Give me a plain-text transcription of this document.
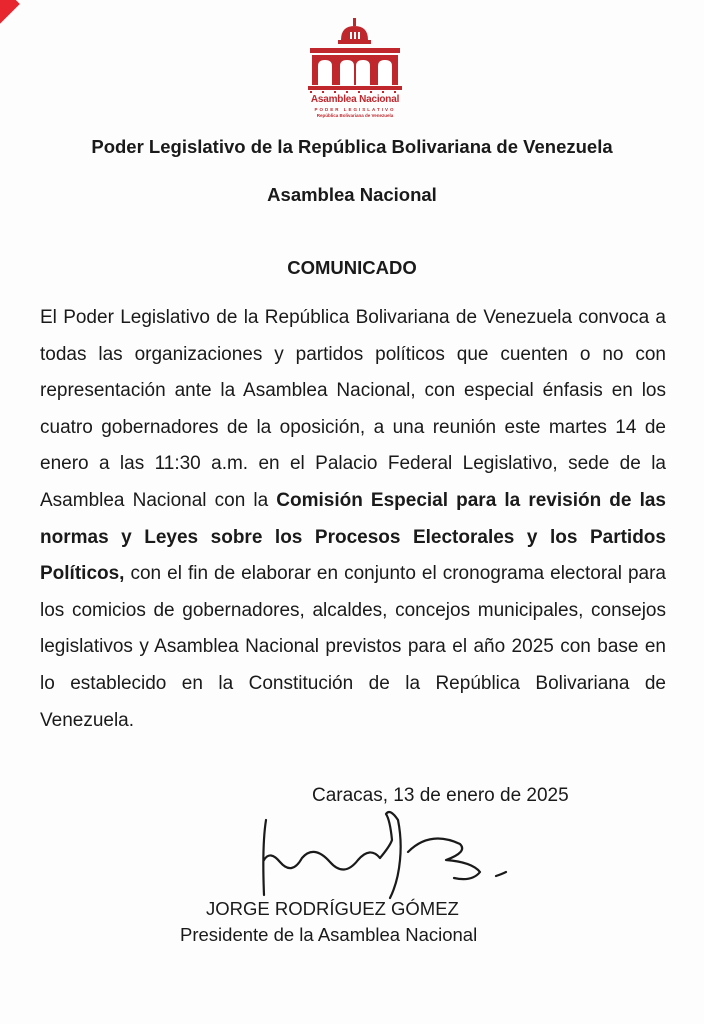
Asamblea Nacional
PODER LEGISLATIVO
República Bolivariana de Venezuela
Poder Legislativo de la República Bolivariana de Venezuela
Asamblea Nacional
COMUNICADO

El Poder Legislativo de la República Bolivariana de Venezuela convoca a todas las organizaciones y partidos políticos que cuenten o no con representación ante la Asamblea Nacional, con especial énfasis en los cuatro gobernadores de la oposición, a una reunión este martes 14 de enero a las 11:30 a.m. en el Palacio Federal Legislativo, sede de la Asamblea Nacional con la Comisión Especial para la revisión de las normas y Leyes sobre los Procesos Electorales y los Partidos Políticos, con el fin de elaborar en conjunto el cronograma electoral para los comicios de gobernadores, alcaldes, concejos municipales, consejos legislativos y Asamblea Nacional previstos para el año 2025 con base en lo establecido en la Constitución de la República Bolivariana de Venezuela.

Caracas, 13 de enero de 2025
JORGE RODRÍGUEZ GÓMEZ
Presidente de la Asamblea Nacional
